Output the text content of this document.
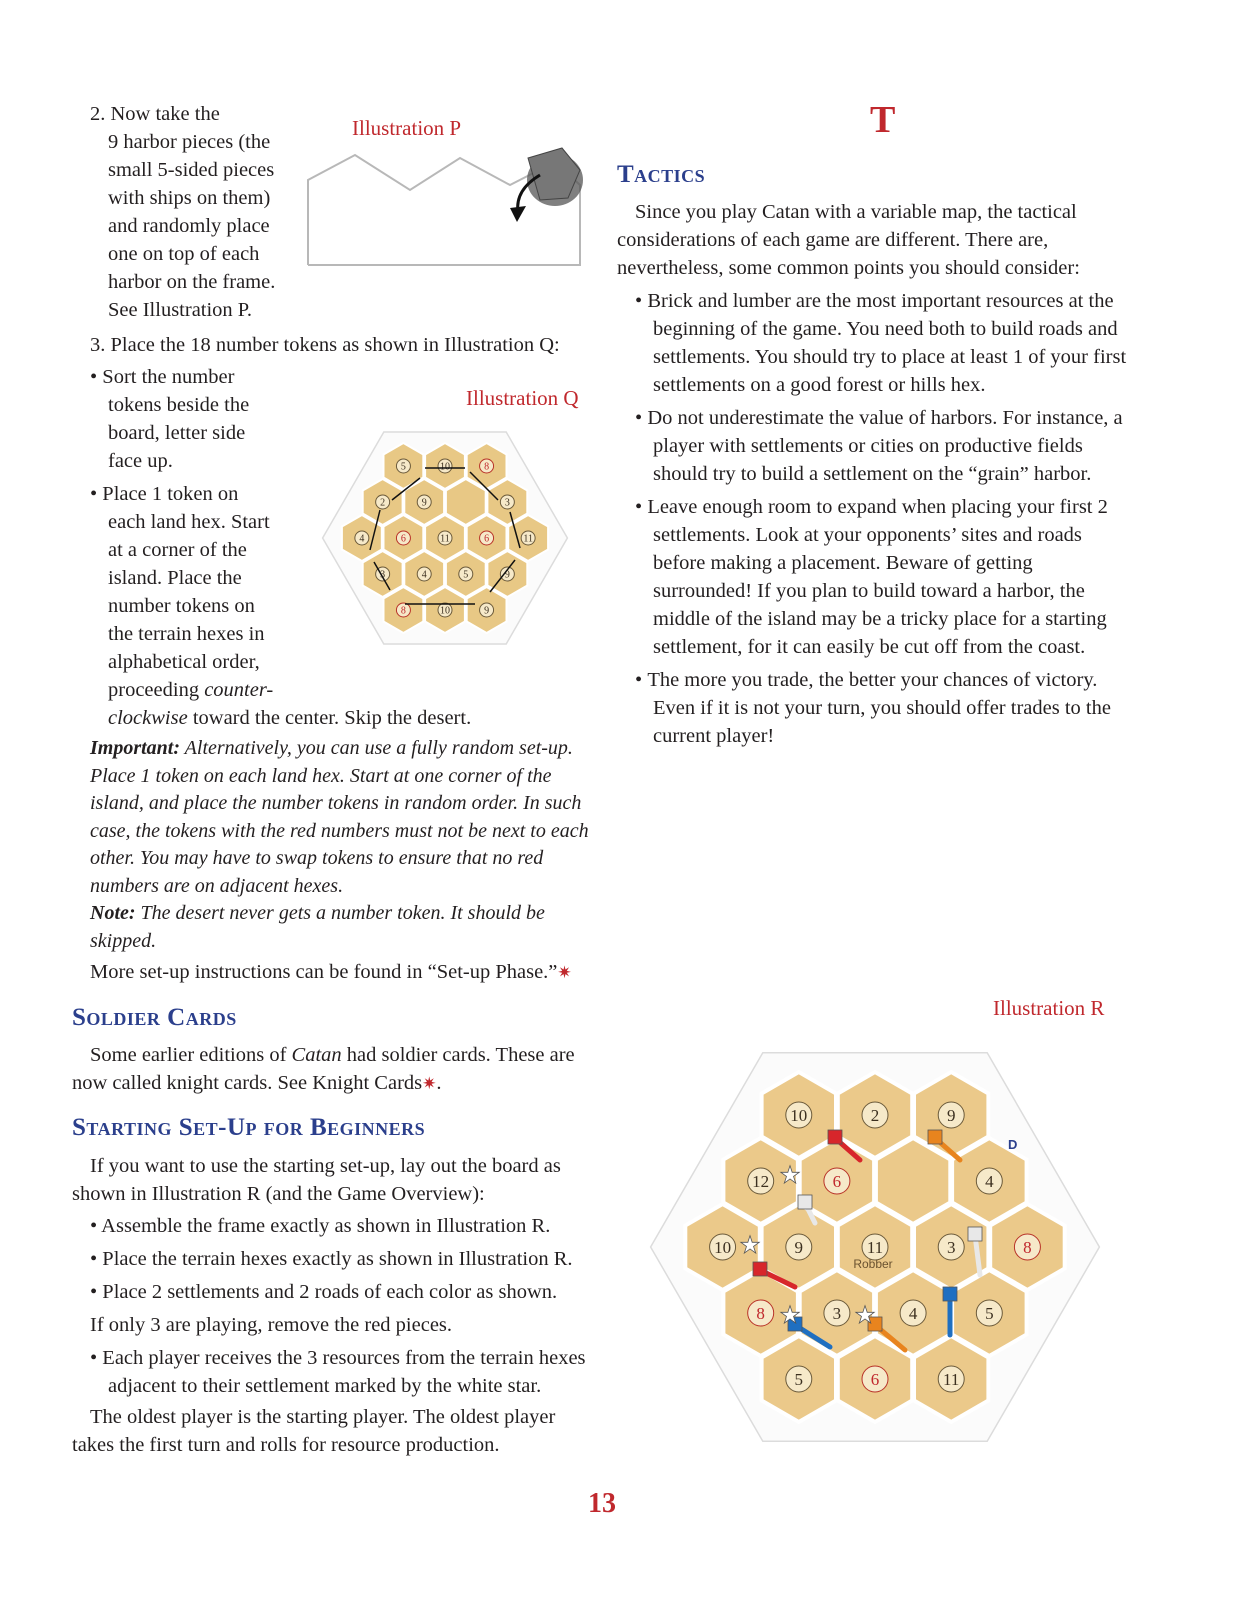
2. Now take the
9 harbor pieces (the
small 5-sided pieces
with ships on them)
and randomly place
one on top of each
harbor on the frame.
See Illustration P.
Illustration P
3. Place the 18 number tokens as shown in Illustration Q:
• Sort the number
tokens beside the
board, letter side
face up.
• Place 1 token on
each land hex. Start
at a corner of the
island. Place the
number tokens on
the terrain hexes in
alphabetical order,
proceeding counter-
clockwise toward the center. Skip the desert.
Illustration Q
5	10	8
2	9	3
4	6	11	6	11
3	4	5	9
8	10	9
Important: Alternatively, you can use a fully random set-up. Place 1 token on each land hex. Start at one corner of the island, and place the number tokens in random order. In such case, the tokens with the red numbers must not be next to each other. You may have to swap tokens to ensure that no red numbers are on adjacent hexes.
Note: The desert never gets a number token. It should be skipped.
More set-up instructions can be found in “Set-up Phase.”✷
Soldier Cards
Some earlier editions of Catan had soldier cards. These are
now called knight cards. See Knight Cards✷.
Starting Set-Up for Beginners
If you want to use the starting set-up, lay out the board as shown in Illustration R (and the Game Overview):
• Assemble the frame exactly as shown in Illustration R.
• Place the terrain hexes exactly as shown in Illustration R.
• Place 2 settlements and 2 roads of each color as shown.
If only 3 are playing, remove the red pieces.
• Each player receives the 3 resources from the terrain hexes adjacent to their settlement marked by the white star.
The oldest player is the starting player. The oldest player takes the first turn and rolls for resource production.
T
Tactics
Since you play Catan with a variable map, the tactical considerations of each game are different. There are, nevertheless, some common points you should consider:
• Brick and lumber are the most important resources at the beginning of the game. You need both to build roads and settlements. You should try to place at least 1 of your first settlements on a good forest or hills hex.
• Do not underestimate the value of harbors. For instance, a player with settlements or cities on productive fields should try to build a settlement on the “grain” harbor.
• Leave enough room to expand when placing your first 2 settlements. Look at your opponents’ sites and roads before making a placement. Beware of getting surrounded! If you plan to build toward a harbor, the middle of the island may be a tricky place for a starting settlement, for it can easily be cut off from the coast.
• The more you trade, the better your chances of victory. Even if it is not your turn, you should offer trades to the current player!
Illustration R
10	2	9
12	6	4
10	9	11	3	8
8	3	4	5
5	6	11
Robber
D
★
★
★ ★
13
